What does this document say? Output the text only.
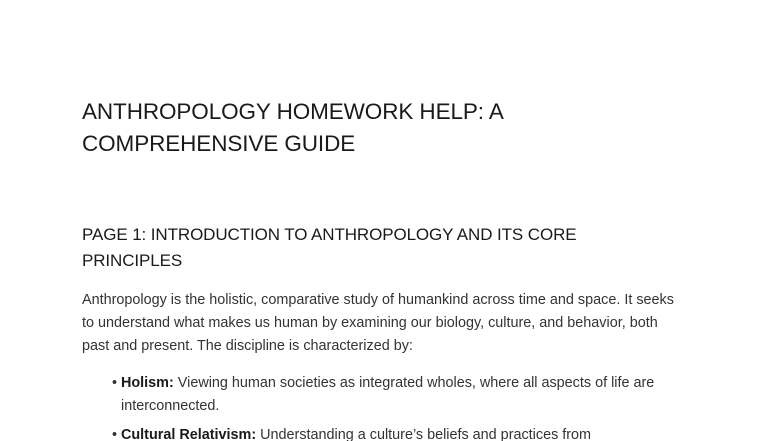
ANTHROPOLOGY HOMEWORK HELP: A
COMPREHENSIVE GUIDE
PAGE 1: INTRODUCTION TO ANTHROPOLOGY AND ITS CORE
PRINCIPLES

Anthropology is the holistic, comparative study of humankind across time and space. It seeks to understand what makes us human by examining our biology, culture, and behavior, both past and present. The discipline is characterized by:

• Holism: Viewing human societies as integrated wholes, where all aspects of life are interconnected.
• Cultural Relativism: Understanding a culture’s beliefs and practices from
